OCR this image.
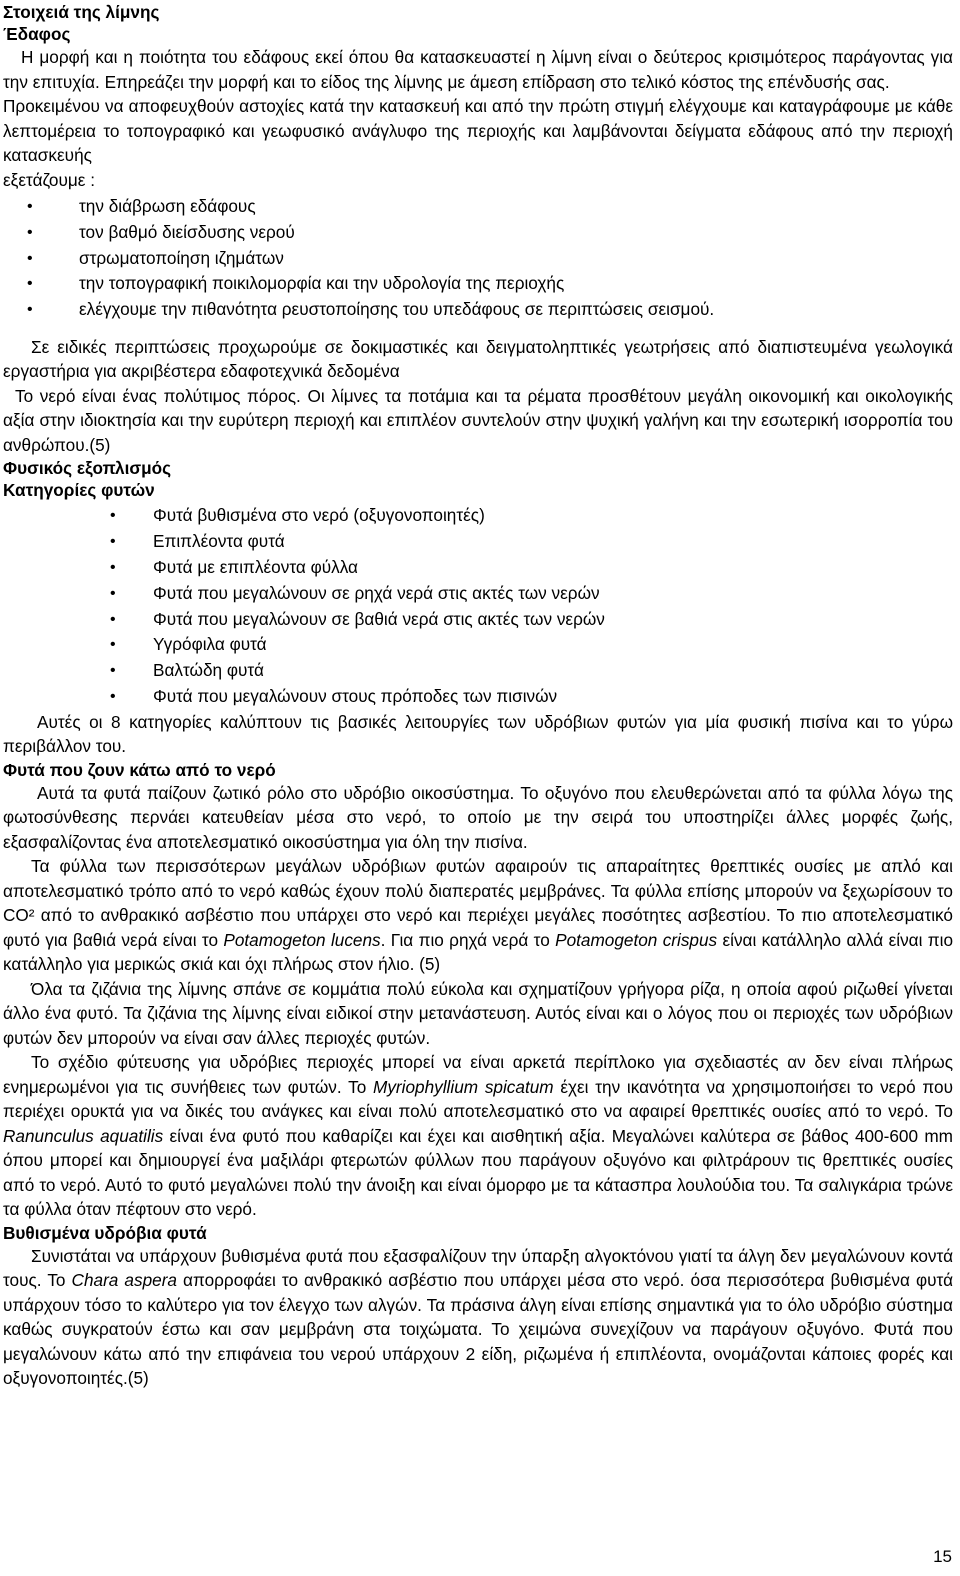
Στοιχειά της λίμνης
Έδαφος

Η μορφή και η ποιότητα του εδάφους εκεί όπου θα κατασκευαστεί η λίμνη είναι ο δεύτερος κρισιμότερος παράγοντας για την επιτυχία. Επηρεάζει την μορφή και το είδος της λίμνης με άμεση επίδραση στο τελικό κόστος της επένδυσής σας.

Προκειμένου να αποφευχθούν αστοχίες κατά την κατασκευή και από την πρώτη στιγμή ελέγχουμε και καταγράφουμε με κάθε λεπτομέρεια το τοπογραφικό και γεωφυσικό ανάγλυφο της περιοχής και λαμβάνονται δείγματα εδάφους από την περιοχή κατασκευής

εξετάζουμε :

• την διάβρωση εδάφους
• τον βαθμό διείσδυσης νερού
• στρωματοποίηση ιζημάτων
• την τοπογραφική ποικιλομορφία και την υδρολογία της περιοχής
• ελέγχουμε την πιθανότητα ρευστοποίησης του υπεδάφους σε περιπτώσεις σεισμού.

Σε ειδικές περιπτώσεις προχωρούμε σε δοκιμαστικές και δειγματοληπτικές γεωτρήσεις από διαπιστευμένα γεωλογικά εργαστήρια για ακριβέστερα εδαφοτεχνικά δεδομένα

Το νερό είναι ένας πολύτιμος πόρος. Οι λίμνες τα ποτάμια και τα ρέματα προσθέτουν μεγάλη οικονομική και οικολογικής αξία στην ιδιοκτησία και την ευρύτερη περιοχή και επιπλέον συντελούν στην ψυχική γαλήνη και την εσωτερική ισορροπία του ανθρώπου.(5)

Φυσικός εξοπλισμός
Κατηγορίες φυτών
• Φυτά βυθισμένα στο νερό (οξυγονοποιητές)
• Επιπλέοντα φυτά
• Φυτά με επιπλέοντα φύλλα
• Φυτά που μεγαλώνουν σε ρηχά νερά στις ακτές των νερών
• Φυτά που μεγαλώνουν σε βαθιά νερά στις ακτές των νερών
• Υγρόφιλα φυτά
• Βαλτώδη φυτά
• Φυτά που μεγαλώνουν στους πρόποδες των πισινών

Αυτές οι 8 κατηγορίες καλύπτουν τις βασικές λειτουργίες των υδρόβιων φυτών για μία φυσική πισίνα και το γύρω περιβάλλον του.

Φυτά που ζουν κάτω από το νερό

Αυτά τα φυτά παίζουν ζωτικό ρόλο στο υδρόβιο οικοσύστημα. Το οξυγόνο που ελευθερώνεται από τα φύλλα λόγω της φωτοσύνθεσης περνάει κατευθείαν μέσα στο νερό, το οποίο με την σειρά του υποστηρίζει άλλες μορφές ζωής, εξασφαλίζοντας ένα αποτελεσματικό οικοσύστημα για όλη την πισίνα.

Τα φύλλα των περισσότερων μεγάλων υδρόβιων φυτών αφαιρούν τις απαραίτητες θρεπτικές ουσίες με απλό και αποτελεσματικό τρόπο από το νερό καθώς έχουν πολύ διαπερατές μεμβράνες. Τα φύλλα επίσης μπορούν να ξεχωρίσουν το CO² από το ανθρακικό ασβέστιο που υπάρχει στο νερό και περιέχει μεγάλες ποσότητες ασβεστίου. Το πιο αποτελεσματικό φυτό για βαθιά νερά είναι το Potamogeton lucens. Για πιο ρηχά νερά το Potamogeton crispus είναι κατάλληλο αλλά είναι πιο κατάλληλο για μερικώς σκιά και όχι πλήρως στον ήλιο. (5)

Όλα τα ζιζάνια της λίμνης σπάνε σε κομμάτια πολύ εύκολα και σχηματίζουν γρήγορα ρίζα, η οποία αφού ριζωθεί γίνεται άλλο ένα φυτό. Τα ζιζάνια της λίμνης είναι ειδικοί στην μετανάστευση. Αυτός είναι και ο λόγος που οι περιοχές των υδρόβιων φυτών δεν μπορούν να είναι σαν άλλες περιοχές φυτών.

Το σχέδιο φύτευσης για υδρόβιες περιοχές μπορεί να είναι αρκετά περίπλοκο για σχεδιαστές αν δεν είναι πλήρως ενημερωμένοι για τις συνήθειες των φυτών. Το Myriophyllium spicatum έχει την ικανότητα να χρησιμοποιήσει το νερό που περιέχει ορυκτά για να δικές του ανάγκες και είναι πολύ αποτελεσματικό στο να αφαιρεί θρεπτικές ουσίες από το νερό. Το Ranunculus aquatilis είναι ένα φυτό που καθαρίζει και έχει και αισθητική αξία. Μεγαλώνει καλύτερα σε βάθος 400-600 mm όπου μπορεί και δημιουργεί ένα μαξιλάρι φτερωτών φύλλων που παράγουν οξυγόνο και φιλτράρουν τις θρεπτικές ουσίες από το νερό. Αυτό το φυτό μεγαλώνει πολύ την άνοιξη και είναι όμορφο με τα κάτασπρα λουλούδια του. Τα σαλιγκάρια τρώνε τα φύλλα όταν πέφτουν στο νερό.

Βυθισμένα υδρόβια φυτά

Συνιστάται να υπάρχουν βυθισμένα φυτά που εξασφαλίζουν την ύπαρξη αλγοκτόνου γιατί τα άλγη δεν μεγαλώνουν κοντά τους. Το Chara aspera απορροφάει το ανθρακικό ασβέστιο που υπάρχει μέσα στο νερό. όσα περισσότερα βυθισμένα φυτά υπάρχουν τόσο το καλύτερο για τον έλεγχο των αλγών. Τα πράσινα άλγη είναι επίσης σημαντικά για το όλο υδρόβιο σύστημα καθώς συγκρατούν έστω και σαν μεμβράνη στα τοιχώματα. Το χειμώνα συνεχίζουν να παράγουν οξυγόνο. Φυτά που μεγαλώνουν κάτω από την επιφάνεια του νερού υπάρχουν 2 είδη, ριζωμένα ή επιπλέοντα, ονομάζονται κάποιες φορές και οξυγονοποιητές.(5)

15
